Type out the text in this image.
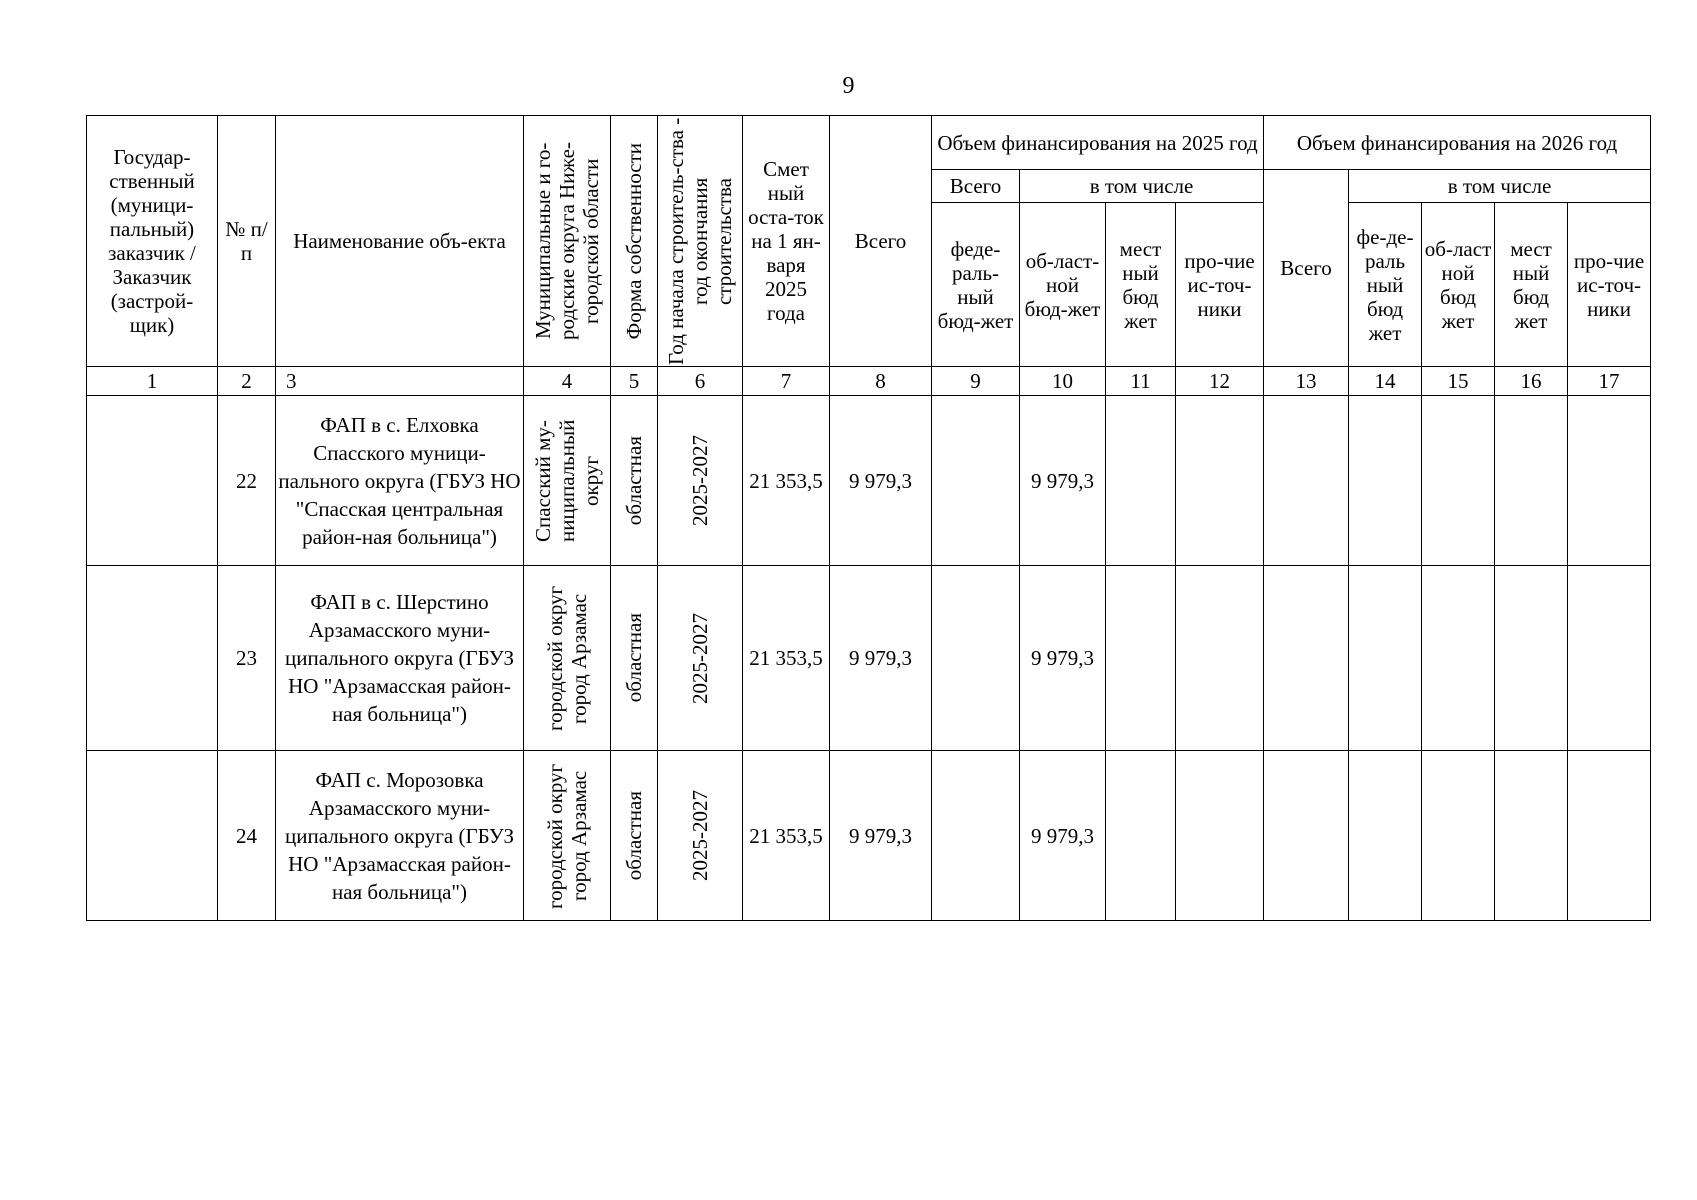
9
Государ-ственный (муници-пальный) заказчик / Заказчик (застрой-щик)	№ п/п	Наименование объ-екта	Муниципальные и го-родские округа Ниже-городской области	Форма собственности	Год начала строитель-ства - год окончания строительства	Смет ный оста-ток на 1 ян-варя 2025 года	Всего	Объем финансирования на 2025 год				Объем финансирования на 2026 год				
								Всего	в том числе			Всего	в том числе			
								феде-раль-ный бюд-жет	об-ласт-ной бюд-жет	мест ный бюд жет	про-чие ис-точ-ники		фе-де-раль ный бюд жет	об-ласт ной бюд жет	мест ный бюд жет	про-чие ис-точ-ники
1	2	3	4	5	6	7	8	9	10	11	12	13	14	15	16	17
	22	ФАП в с. Елховка Спасского муници-пального округа (ГБУЗ НО "Спасская центральная район-ная больница")	Спасский му-ниципальный округ	областная	2025-2027	21 353,5	9 979,3		9 979,3							
	23	ФАП в с. Шерстино Арзамасского муни-ципального округа (ГБУЗ НО "Арзамасская район-ная больница")	городской округ город Арзамас	областная	2025-2027	21 353,5	9 979,3		9 979,3							
	24	ФАП с. Морозовка Арзамасского муни-ципального округа (ГБУЗ НО "Арзамасская район-ная больница")	городской округ город Арзамас	областная	2025-2027	21 353,5	9 979,3		9 979,3							
